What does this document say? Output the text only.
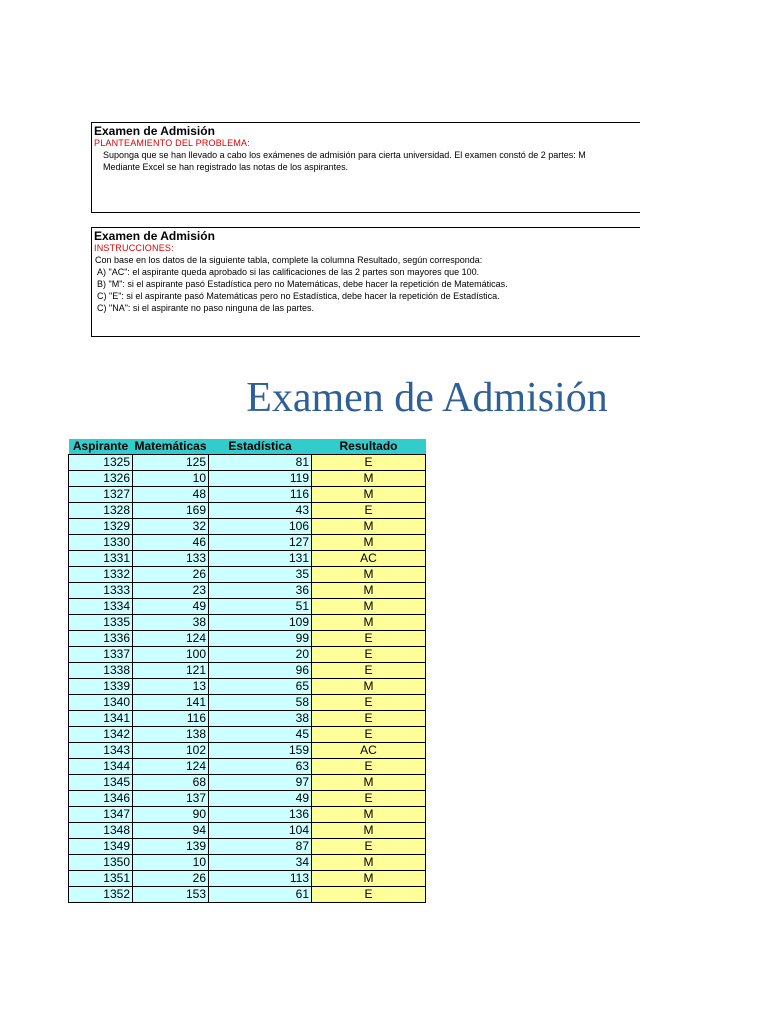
Examen de Admisión
PLANTEAMIENTO DEL PROBLEMA:
Suponga que se han llevado a cabo los exámenes de admisión para cierta universidad. El examen constó de 2 partes: M
Mediante Excel se han registrado las notas de los aspirantes.
Examen de Admisión
INSTRUCCIONES:
Con base en los datos de la siguiente tabla, complete la columna Resultado, según corresponda:
A) "AC": el aspirante queda aprobado si las calificaciones de las 2 partes son mayores que 100.
B) "M": si el aspirante pasó Estadística pero no Matemáticas, debe hacer la repetición de Matemáticas.
C) "E": si el aspirante pasó Matemáticas pero no Estadística, debe hacer la repetición de Estadística.
C) "NA": si el aspirante no paso ninguna de las partes.
Examen de Admisión
Aspirante	Matemáticas	Estadística	Resultado
1325	125	81	E
1326	10	119	M
1327	48	116	M
1328	169	43	E
1329	32	106	M
1330	46	127	M
1331	133	131	AC
1332	26	35	M
1333	23	36	M
1334	49	51	M
1335	38	109	M
1336	124	99	E
1337	100	20	E
1338	121	96	E
1339	13	65	M
1340	141	58	E
1341	116	38	E
1342	138	45	E
1343	102	159	AC
1344	124	63	E
1345	68	97	M
1346	137	49	E
1347	90	136	M
1348	94	104	M
1349	139	87	E
1350	10	34	M
1351	26	113	M
1352	153	61	E
